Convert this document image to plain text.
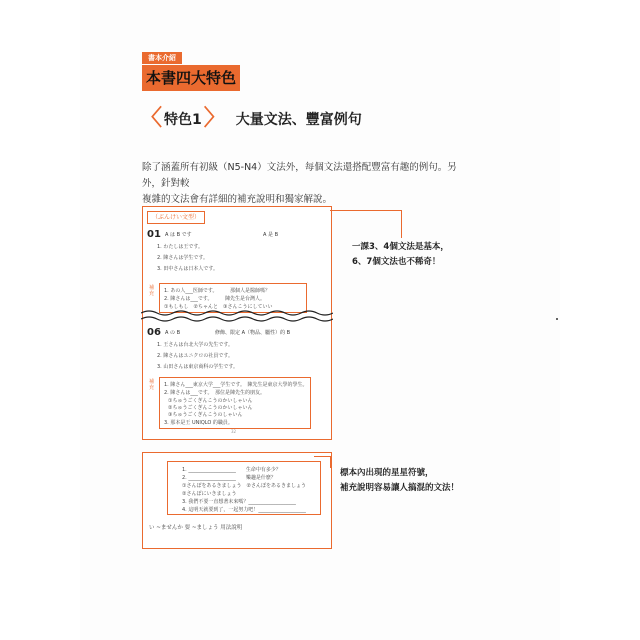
書本介紹
本書四大特色
〈 特色1 〉 大量文法、豐富例句
除了涵蓋所有初級（N5-N4）文法外，每個文法還搭配豐富有趣的例句。另外，針對較
複雜的文法會有詳細的補充說明和獨家解說。
（ぶんけい文型）
01 A は B です	A 是 B
1. わたしは王です。
2. 陳さんは学生です。
3. 田中さんは日本人です。
補充	1. あの人___医師です。　　　那個人是醫師嗎？
2. 陳さんは___です。　　　陳先生是台灣人。
①もしもし　②ちゃんと　③さんこうにしていい
06 A の B	修飾、限定 A（物品、屬性）的 B
1. 王さんは台北大学の先生です。
2. 陳さんはユニクロの社員です。
3. 山田さんは東京商科の学生です。
補充	1. 陳さん___東京大学___学生です。　陳先生是東京大學的學生。
2. 陳さんは___です。　那位是陳先生的朋友。
①ちゅうごくぎんこうのかいしゃいん
②ちゅうごくぎんこうのかいしゃいん
③ちゅうごくぎんこうのしゃいん
3. 那本是王 UNIQLO 的職員。
32
1. ___________________　　生命中有多少？
2. ___________________　　樂趣是什麼？
①さんぽをあるきましょう　②さんぽをあるきましょう
②さんぽにいきましょう
3. 我們不要一直想著未來嗎？___________________
4. 這明天就要到了，一起努力吧！___________________
い ~ませんか 要 ~ましょう 用法說明
一課3、4個文法是基本，
6、7個文法也不稀奇！
標本內出現的星星符號，
補充說明容易讓人搞混的文法！
